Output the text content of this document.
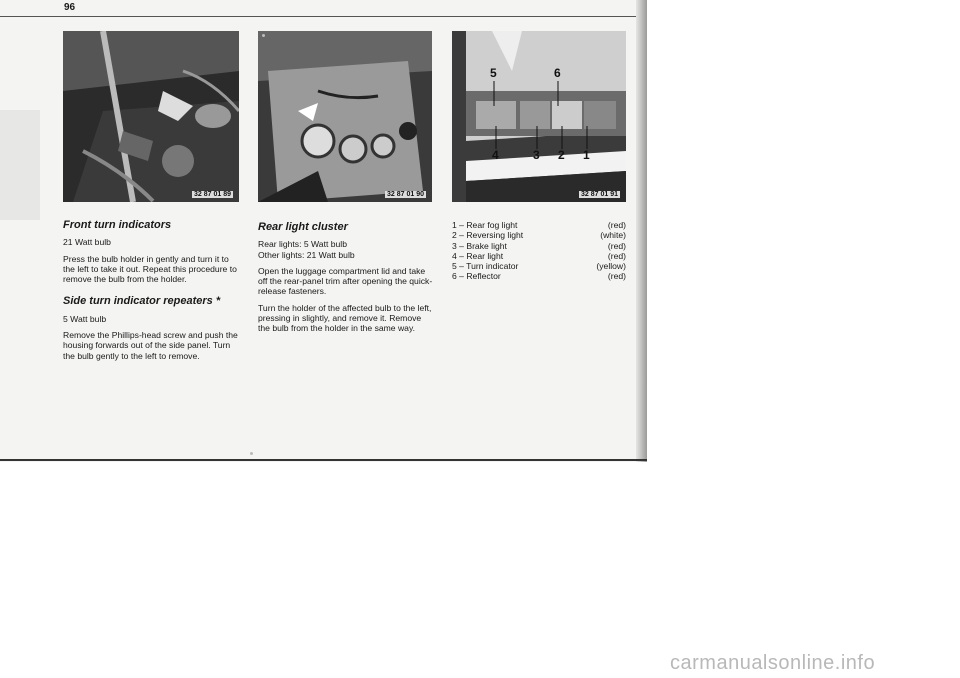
96
32 87 01 89	32 87 01 90
5	6
4	3 2 1
32 87 01 91
Front turn indicators

21 Watt bulb

Press the bulb holder in gently and turn it to the left to take it out. Repeat this procedure to remove the bulb from the holder.

Side turn indicator repeaters *

5 Watt bulb

Remove the Phillips-head screw and push the housing forwards out of the side panel. Turn the bulb gently to the left to remove.

Rear light cluster

Rear lights: 5 Watt bulb
Other lights: 21 Watt bulb

Open the luggage compartment lid and take off the rear-panel trim after opening the quick-release fasteners.

Turn the holder of the affected bulb to the left, pressing in slightly, and remove it. Remove the bulb from the holder in the same way.

1 – Rear fog light	(red)
2 – Reversing light	(white)
3 – Brake light	(red)
4 – Rear light	(red)
5 – Turn indicator	(yellow)
6 – Reflector	(red)
carmanualsonline.info
